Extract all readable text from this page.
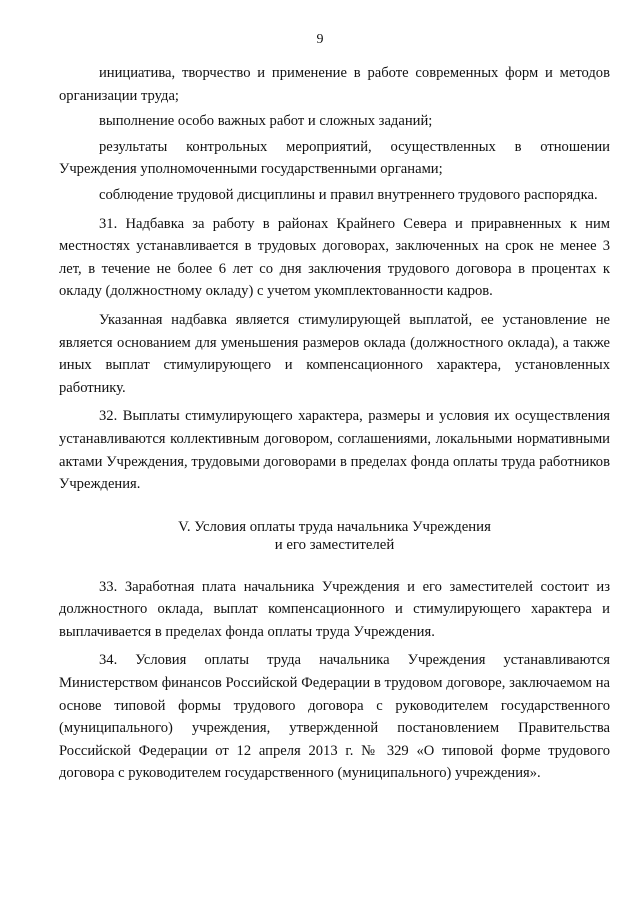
9

инициатива, творчество и применение в работе современных форм и методов организации труда;

выполнение особо важных работ и сложных заданий;

результаты контрольных мероприятий, осуществленных в отношении Учреждения уполномоченными государственными органами;

соблюдение трудовой дисциплины и правил внутреннего трудового распорядка.

31. Надбавка за работу в районах Крайнего Севера и приравненных к ним местностях устанавливается в трудовых договорах, заключенных на срок не менее 3 лет, в течение не более 6 лет со дня заключения трудового договора в процентах к окладу (должностному окладу) с учетом укомплектованности кадров.

Указанная надбавка является стимулирующей выплатой, ее установление не является основанием для уменьшения размеров оклада (должностного оклада), а также иных выплат стимулирующего и компенсационного характера, установленных работнику.

32. Выплаты стимулирующего характера, размеры и условия их осуществления устанавливаются коллективным договором, соглашениями, локальными нормативными актами Учреждения, трудовыми договорами в пределах фонда оплаты труда работников Учреждения.

V. Условия оплаты труда начальника Учреждения
и его заместителей

33. Заработная плата начальника Учреждения и его заместителей состоит из должностного оклада, выплат компенсационного и стимулирующего характера и выплачивается в пределах фонда оплаты труда Учреждения.

34. Условия оплаты труда начальника Учреждения устанавливаются Министерством финансов Российской Федерации в трудовом договоре, заключаемом на основе типовой формы трудового договора с руководителем государственного (муниципального) учреждения, утвержденной постановлением Правительства Российской Федерации от 12 апреля 2013 г. № 329 «О типовой форме трудового договора с руководителем государственного (муниципального) учреждения».
